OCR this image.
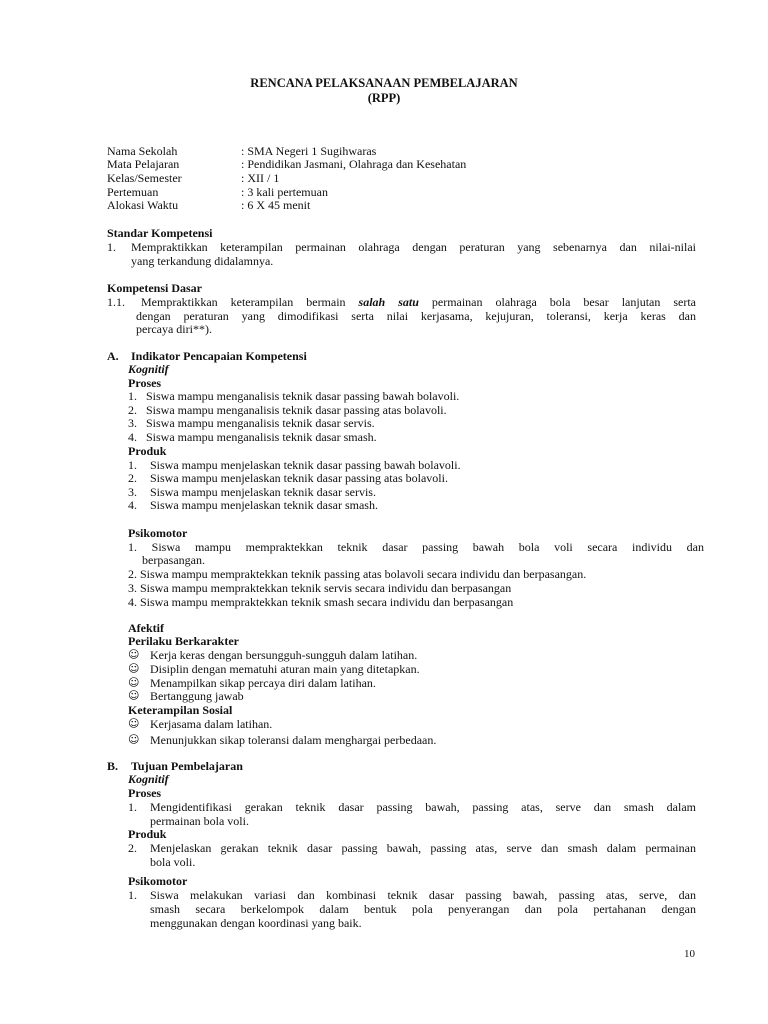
RENCANA PELAKSANAAN PEMBELAJARAN
(RPP)
Nama Sekolah	: SMA Negeri 1 Sugihwaras
Mata Pelajaran	: Pendidikan Jasmani, Olahraga dan Kesehatan
Kelas/Semester	: XII / 1
Pertemuan	: 3 kali pertemuan
Alokasi Waktu	: 6 X 45 menit
Standar Kompetensi
1. Mempraktikkan keterampilan permainan olahraga dengan peraturan yang sebenarnya dan nilai-nilai
yang terkandung didalamnya.
Kompetensi Dasar
1.1. Mempraktikkan keterampilan bermain salah satu permainan olahraga bola besar lanjutan serta
dengan peraturan yang dimodifikasi serta nilai kerjasama, kejujuran, toleransi, kerja keras dan
percaya diri**).
A. Indikator Pencapaian Kompetensi
Kognitif
Proses
1. Siswa mampu menganalisis teknik dasar passing bawah bolavoli.
2. Siswa mampu menganalisis teknik dasar passing atas bolavoli.
3. Siswa mampu menganalisis teknik dasar servis.
4. Siswa mampu menganalisis teknik dasar smash.
Produk
1. Siswa mampu menjelaskan teknik dasar passing bawah bolavoli.
2. Siswa mampu menjelaskan teknik dasar passing atas bolavoli.
3. Siswa mampu menjelaskan teknik dasar servis.
4. Siswa mampu menjelaskan teknik dasar smash.
Psikomotor
1. Siswa mampu mempraktekkan teknik dasar passing bawah bola voli secara individu dan
berpasangan.
2. Siswa mampu mempraktekkan teknik passing atas bolavoli secara individu dan berpasangan.
3. Siswa mampu mempraktekkan teknik servis secara individu dan berpasangan
4. Siswa mampu mempraktekkan teknik smash secara individu dan berpasangan
Afektif
Perilaku Berkarakter
☺ Kerja keras dengan bersungguh-sungguh dalam latihan.
☺ Disiplin dengan mematuhi aturan main yang ditetapkan.
☺ Menampilkan sikap percaya diri dalam latihan.
☺ Bertanggung jawab
Keterampilan Sosial
☺ Kerjasama dalam latihan.
☺ Menunjukkan sikap toleransi dalam menghargai perbedaan.
B. Tujuan Pembelajaran
Kognitif
Proses
1. Mengidentifikasi gerakan teknik dasar passing bawah, passing atas, serve dan smash dalam
permainan bola voli.
Produk
2. Menjelaskan gerakan teknik dasar passing bawah, passing atas, serve dan smash dalam permainan
bola voli.
Psikomotor
1. Siswa melakukan variasi dan kombinasi teknik dasar passing bawah, passing atas, serve, dan
smash secara berkelompok dalam bentuk pola penyerangan dan pola pertahanan dengan
menggunakan dengan koordinasi yang baik.
10
